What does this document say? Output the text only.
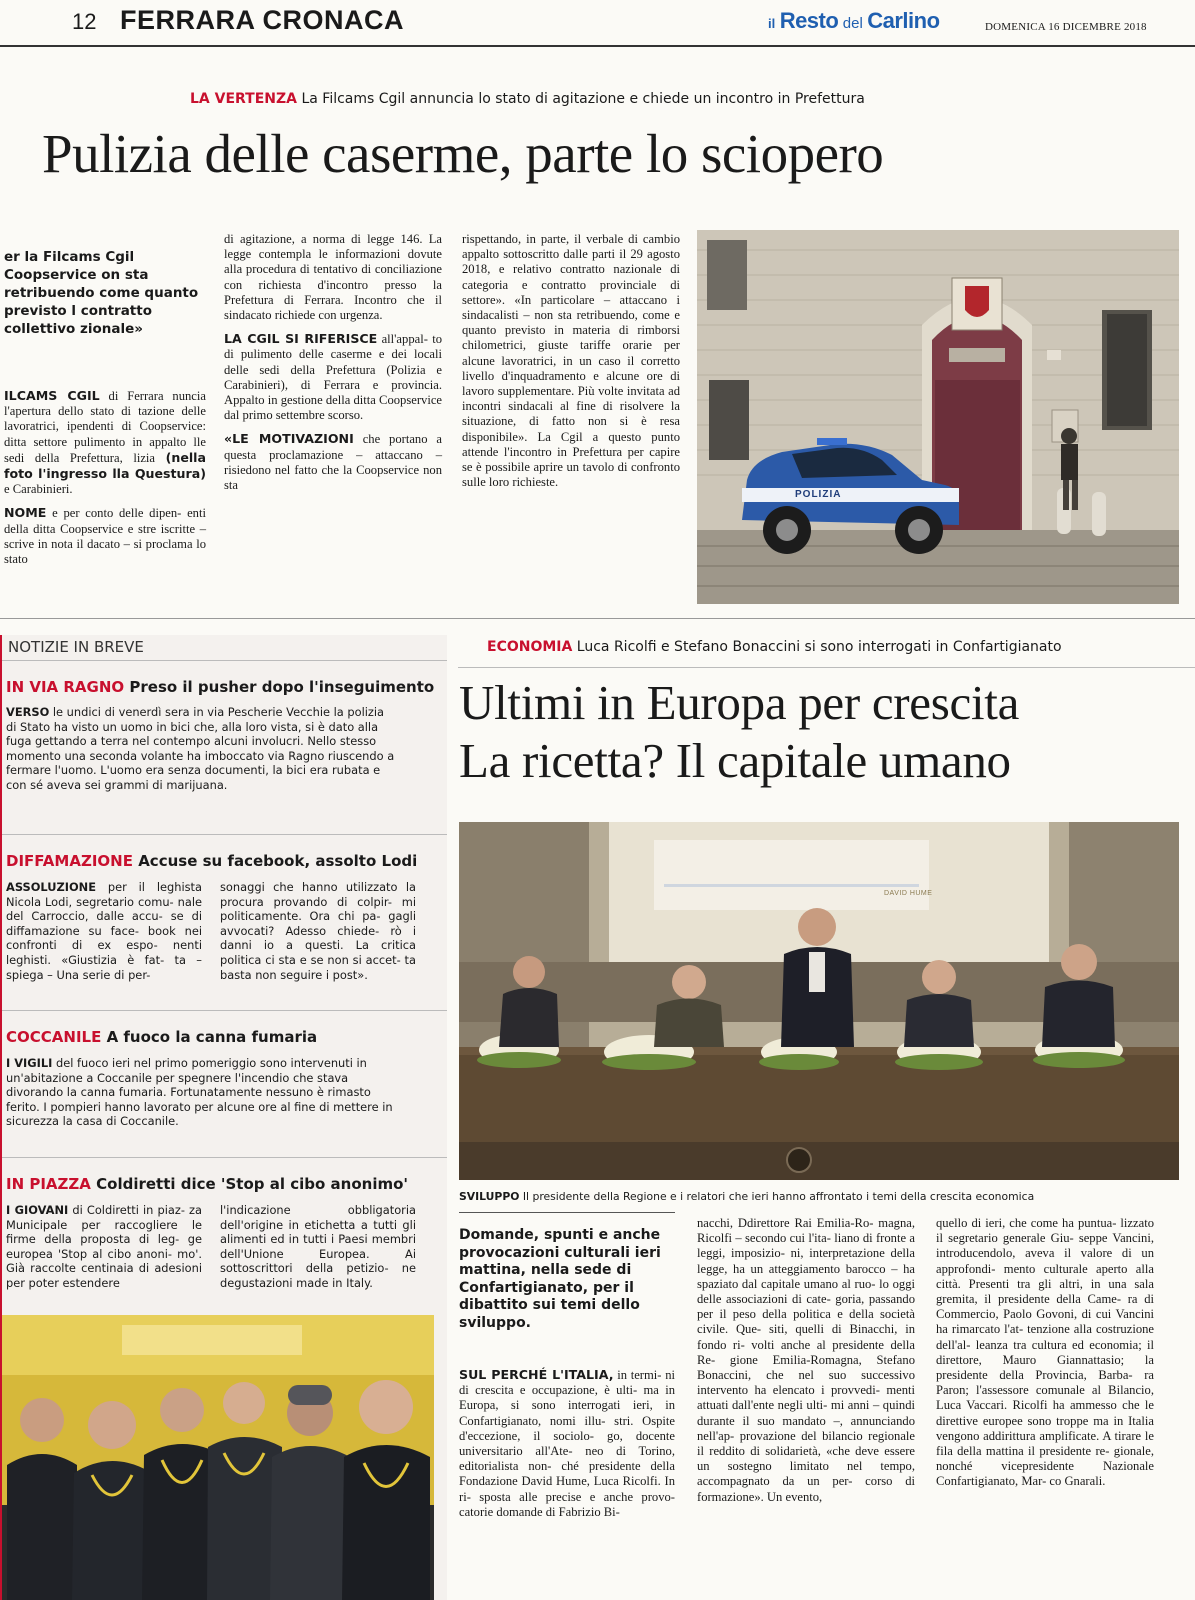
12 FERRARA CRONACA	il Resto del Carlino	DOMENICA 16 DICEMBRE 2018
LA VERTENZA La Filcams Cgil annuncia lo stato di agitazione e chiede un incontro in Prefettura
Pulizia delle caserme, parte lo sciopero
er la Filcams Cgil Coopservice on sta retribuendo come quanto previsto l contratto collettivo zionale»

ILCAMS CGIL di Ferrara nuncia l'apertura dello stato di tazione delle lavoratrici, ipendenti di Coopservice: ditta settore pulimento in appalto lle sedi della Prefettura, lizia (nella foto l'ingresso lla Questura) e Carabinieri.

NOME e per conto delle dipen- enti della ditta Coopservice e stre iscritte – scrive in nota il dacato – si proclama lo stato

di agitazione, a norma di legge 146. La legge contempla le informazioni dovute alla procedura di tentativo di conciliazione con richiesta d'incontro presso la Prefettura di Ferrara. Incontro che il sindacato richiede con urgenza.

LA CGIL SI RIFERISCE all'appal- to di pulimento delle caserme e dei locali delle sedi della Prefettura (Polizia e Carabinieri), di Ferrara e provincia. Appalto in gestione della ditta Coopservice dal primo settembre scorso.

«LE MOTIVAZIONI che portano a questa proclamazione – attaccano – risiedono nel fatto che la Coopservice non sta

rispettando, in parte, il verbale di cambio appalto sottoscritto dalle parti il 29 agosto 2018, e relativo contratto nazionale di categoria e contratto provinciale di settore». «In particolare – attaccano i sindacalisti – non sta retribuendo, come e quanto previsto in materia di rimborsi chilometrici, giuste tariffe orarie per alcune lavoratrici, in un caso il corretto livello d'inquadramento e alcune ore di lavoro supplementare. Più volte invitata ad incontri sindacali al fine di risolvere la situazione, di fatto non si è resa disponibile». La Cgil a questo punto attende l'incontro in Prefettura per capire se è possibile aprire un tavolo di confronto sulle loro richieste.

POLIZIA
NOTIZIE IN BREVE
IN VIA RAGNO Preso il pusher dopo l'inseguimento
VERSO le undici di venerdì sera in via Pescherie Vecchie la polizia di Stato ha visto un uomo in bici che, alla loro vista, si è dato alla fuga gettando a terra nel contempo alcuni involucri. Nello stesso momento una seconda volante ha imboccato via Ragno riuscendo a fermare l'uomo. L'uomo era senza documenti, la bici era rubata e con sé aveva sei grammi di marijuana.
DIFFAMAZIONE Accuse su facebook, assolto Lodi
ASSOLUZIONE per il leghista Nicola Lodi, segretario comu- nale del Carroccio, dalle accu- se di diffamazione su face- book nei confronti di ex espo- nenti leghisti. «Giustizia è fat- ta – spiega – Una serie di per-
sonaggi che hanno utilizzato la procura provando di colpir- mi politicamente. Ora chi pa- gagli avvocati? Adesso chiede- rò i danni io a questi. La critica politica ci sta e se non si accet- ta basta non seguire i post».
COCCANILE A fuoco la canna fumaria
I VIGILI del fuoco ieri nel primo pomeriggio sono intervenuti in un'abitazione a Coccanile per spegnere l'incendio che stava divorando la canna fumaria. Fortunatamente nessuno è rimasto ferito. I pompieri hanno lavorato per alcune ore al fine di mettere in sicurezza la casa di Coccanile.
IN PIAZZA Coldiretti dice 'Stop al cibo anonimo'
I GIOVANI di Coldiretti in piaz- za Municipale per raccogliere le firme della proposta di leg- ge europea 'Stop al cibo anoni- mo'. Già raccolte centinaia di adesioni per poter estendere
l'indicazione obbligatoria dell'origine in etichetta a tutti gli alimenti ed in tutti i Paesi membri dell'Unione Europea. Ai sottoscrittori della petizio- ne degustazioni made in Italy.
ECONOMIA Luca Ricolfi e Stefano Bonaccini si sono interrogati in Confartigianato
Ultimi in Europa per crescita
La ricetta? Il capitale umano
DAVID HUME
SVILUPPO Il presidente della Regione e i relatori che ieri hanno affrontato i temi della crescita economica
Domande, spunti e anche provocazioni culturali ieri mattina, nella sede di Confartigianato, per il dibattito sui temi dello sviluppo.

SUL PERCHÉ L'ITALIA, in termi- ni di crescita e occupazione, è ulti- ma in Europa, si sono interrogati ieri, in Confartigianato, nomi illu- stri. Ospite d'eccezione, il sociolo- go, docente universitario all'Ate- neo di Torino, editorialista non- ché presidente della Fondazione David Hume, Luca Ricolfi. In ri- sposta alle precise e anche provo- catorie domande di Fabrizio Bi-

nacchi, Ddirettore Rai Emilia-Ro- magna, Ricolfi – secondo cui l'ita- liano di fronte a leggi, imposizio- ni, interpretazione della legge, ha un atteggiamento barocco – ha spaziato dal capitale umano al ruo- lo oggi delle associazioni di cate- goria, passando per il peso della politica e della società civile. Que- siti, quelli di Binacchi, in fondo ri- volti anche al presidente della Re- gione Emilia-Romagna, Stefano Bonaccini, che nel suo successivo intervento ha elencato i provvedi- menti attuati dall'ente negli ulti- mi anni – quindi durante il suo mandato –, annunciando nell'ap- provazione del bilancio regionale il reddito di solidarietà, «che deve essere un sostegno limitato nel tempo, accompagnato da un per- corso di formazione». Un evento,

quello di ieri, che come ha puntua- lizzato il segretario generale Giu- seppe Vancini, introducendolo, aveva il valore di un approfondi- mento culturale aperto alla città. Presenti tra gli altri, in una sala gremita, il presidente della Came- ra di Commercio, Paolo Govoni, di cui Vancini ha rimarcato l'at- tenzione alla costruzione dell'al- leanza tra cultura ed economia; il direttore, Mauro Giannattasio; la presidente della Provincia, Barba- ra Paron; l'assessore comunale al Bilancio, Luca Vaccari. Ricolfi ha ammesso che le direttive europee sono troppe ma in Italia vengono addirittura amplificate. A tirare le fila della mattina il presidente re- gionale, nonché vicepresidente Nazionale Confartigianato, Mar- co Gnarali.
